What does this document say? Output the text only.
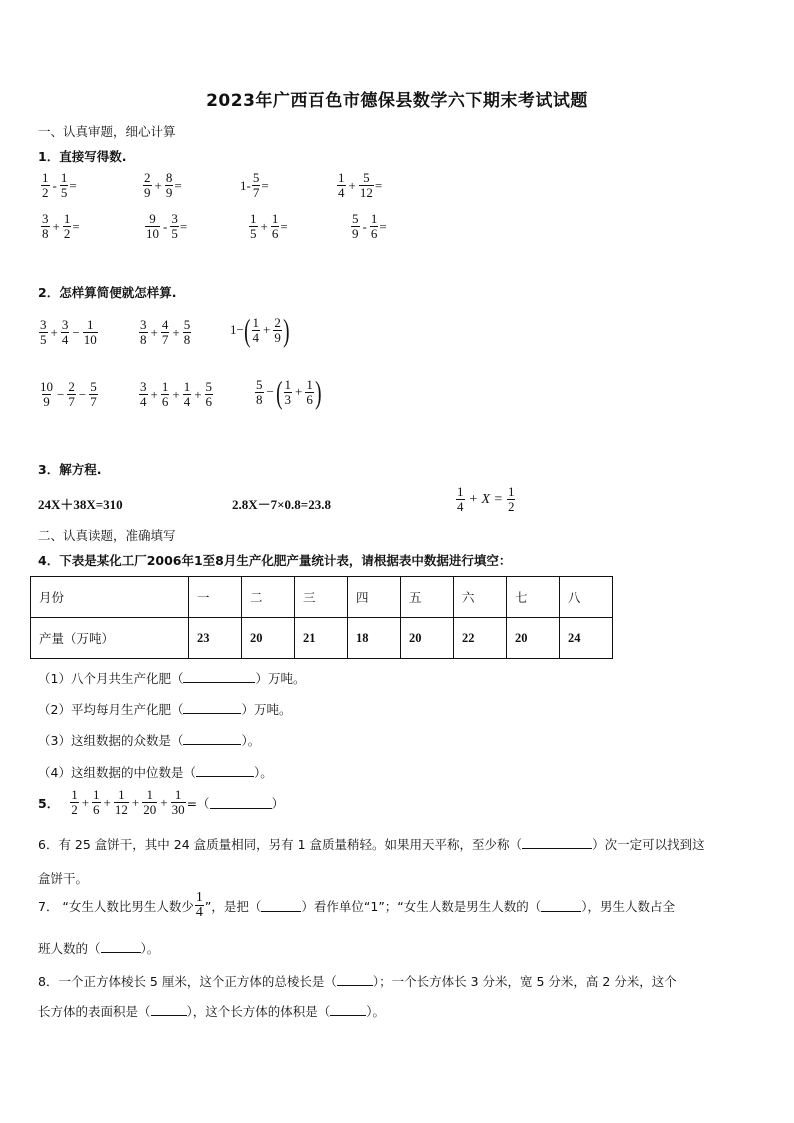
2023年广西百色市德保县数学六下期末考试试题
一、认真审题，细心计算
1．直接写得数.
$\frac{1}{2} - \frac{1}{5}$ =	$\frac{2}{9} + \frac{8}{9}$ =	$1- \frac{5}{7}$ =	$\frac{1}{4} + \frac{5}{12}$ =
$\frac{3}{8} + \frac{1}{2}$ =	$\frac{9}{10} - \frac{3}{5}$ =	$\frac{1}{5} + \frac{1}{6}$ =	$\frac{5}{9} - \frac{1}{6}$ =
2．怎样算简便就怎样算.
$\frac{3}{5} + \frac{3}{4} - \frac{1}{10}$	$\frac{3}{8} + \frac{4}{7} + \frac{5}{8}$	1− ( $\frac{1}{4} + \frac{2}{9}$ )
$\frac{10}{9} - \frac{2}{7} - \frac{5}{7}$	$\frac{3}{4} + \frac{1}{6} + \frac{1}{4} + \frac{5}{6}$	$\frac{5}{8}$ − ( $\frac{1}{3} + \frac{1}{6}$ )
3．解方程.
24X＋38X=310	2.8X－7×0.8=23.8	$\frac{1}{4} + X = \frac{1}{2}$
二、认真读题，准确填写
4．下表是某化工厂2006年1至8月生产化肥产量统计表，请根据表中数据进行填空：
月份	一	二	三	四	五	六	七	八
产量（万吨）	23	20	21	18	20	22	20	24
（1）八个月共生产化肥（	）万吨。
（2）平均每月生产化肥（	）万吨。
（3）这组数据的众数是（	）。
（4）这组数据的中位数是（	）。
5． $\frac{1}{2} + \frac{1}{6} + \frac{1}{12} + \frac{1}{20} + \frac{1}{30}$ =（	）
6．有 25 盒饼干，其中 24 盒质量相同，另有 1 盒质量稍轻。如果用天平称，至少称（	）次一定可以找到这
盒饼干。
7． “女生人数比男生人数少 $\frac{1}{4}$ ”，是把（	）看作单位“1”；“女生人数是男生人数的（	），男生人数占全
班人数的（	）。
8．一个正方体棱长 5 厘米，这个正方体的总棱长是（	）；一个长方体长 3 分米，宽 5 分米，高 2 分米，这个
长方体的表面积是（	），这个长方体的体积是（	）。
